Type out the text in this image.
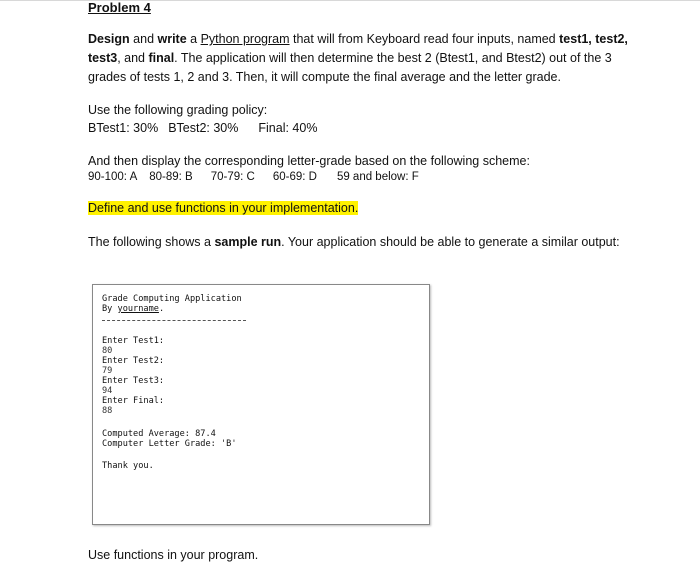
Problem 4
Design and write a Python program that will from Keyboard read four inputs, named test1, test2,
test3, and final. The application will then determine the best 2 (Btest1, and Btest2) out of the 3
grades of tests 1, 2 and 3. Then, it will compute the final average and the letter grade.
Use the following grading policy:
BTest1: 30% BTest2: 30% Final: 40%
And then display the corresponding letter-grade based on the following scheme:
90-100: A 80-89: B 70-79: C 60-69: D 59 and below: F
Define and use functions in your implementation.
The following shows a sample run. Your application should be able to generate a similar output:
Grade Computing Application
By yourname.
Enter Test1:
80
Enter Test2:
79
Enter Test3:
94
Enter Final:
88
Computed Average: 87.4
Computer Letter Grade: 'B'
Thank you.
Use functions in your program.
